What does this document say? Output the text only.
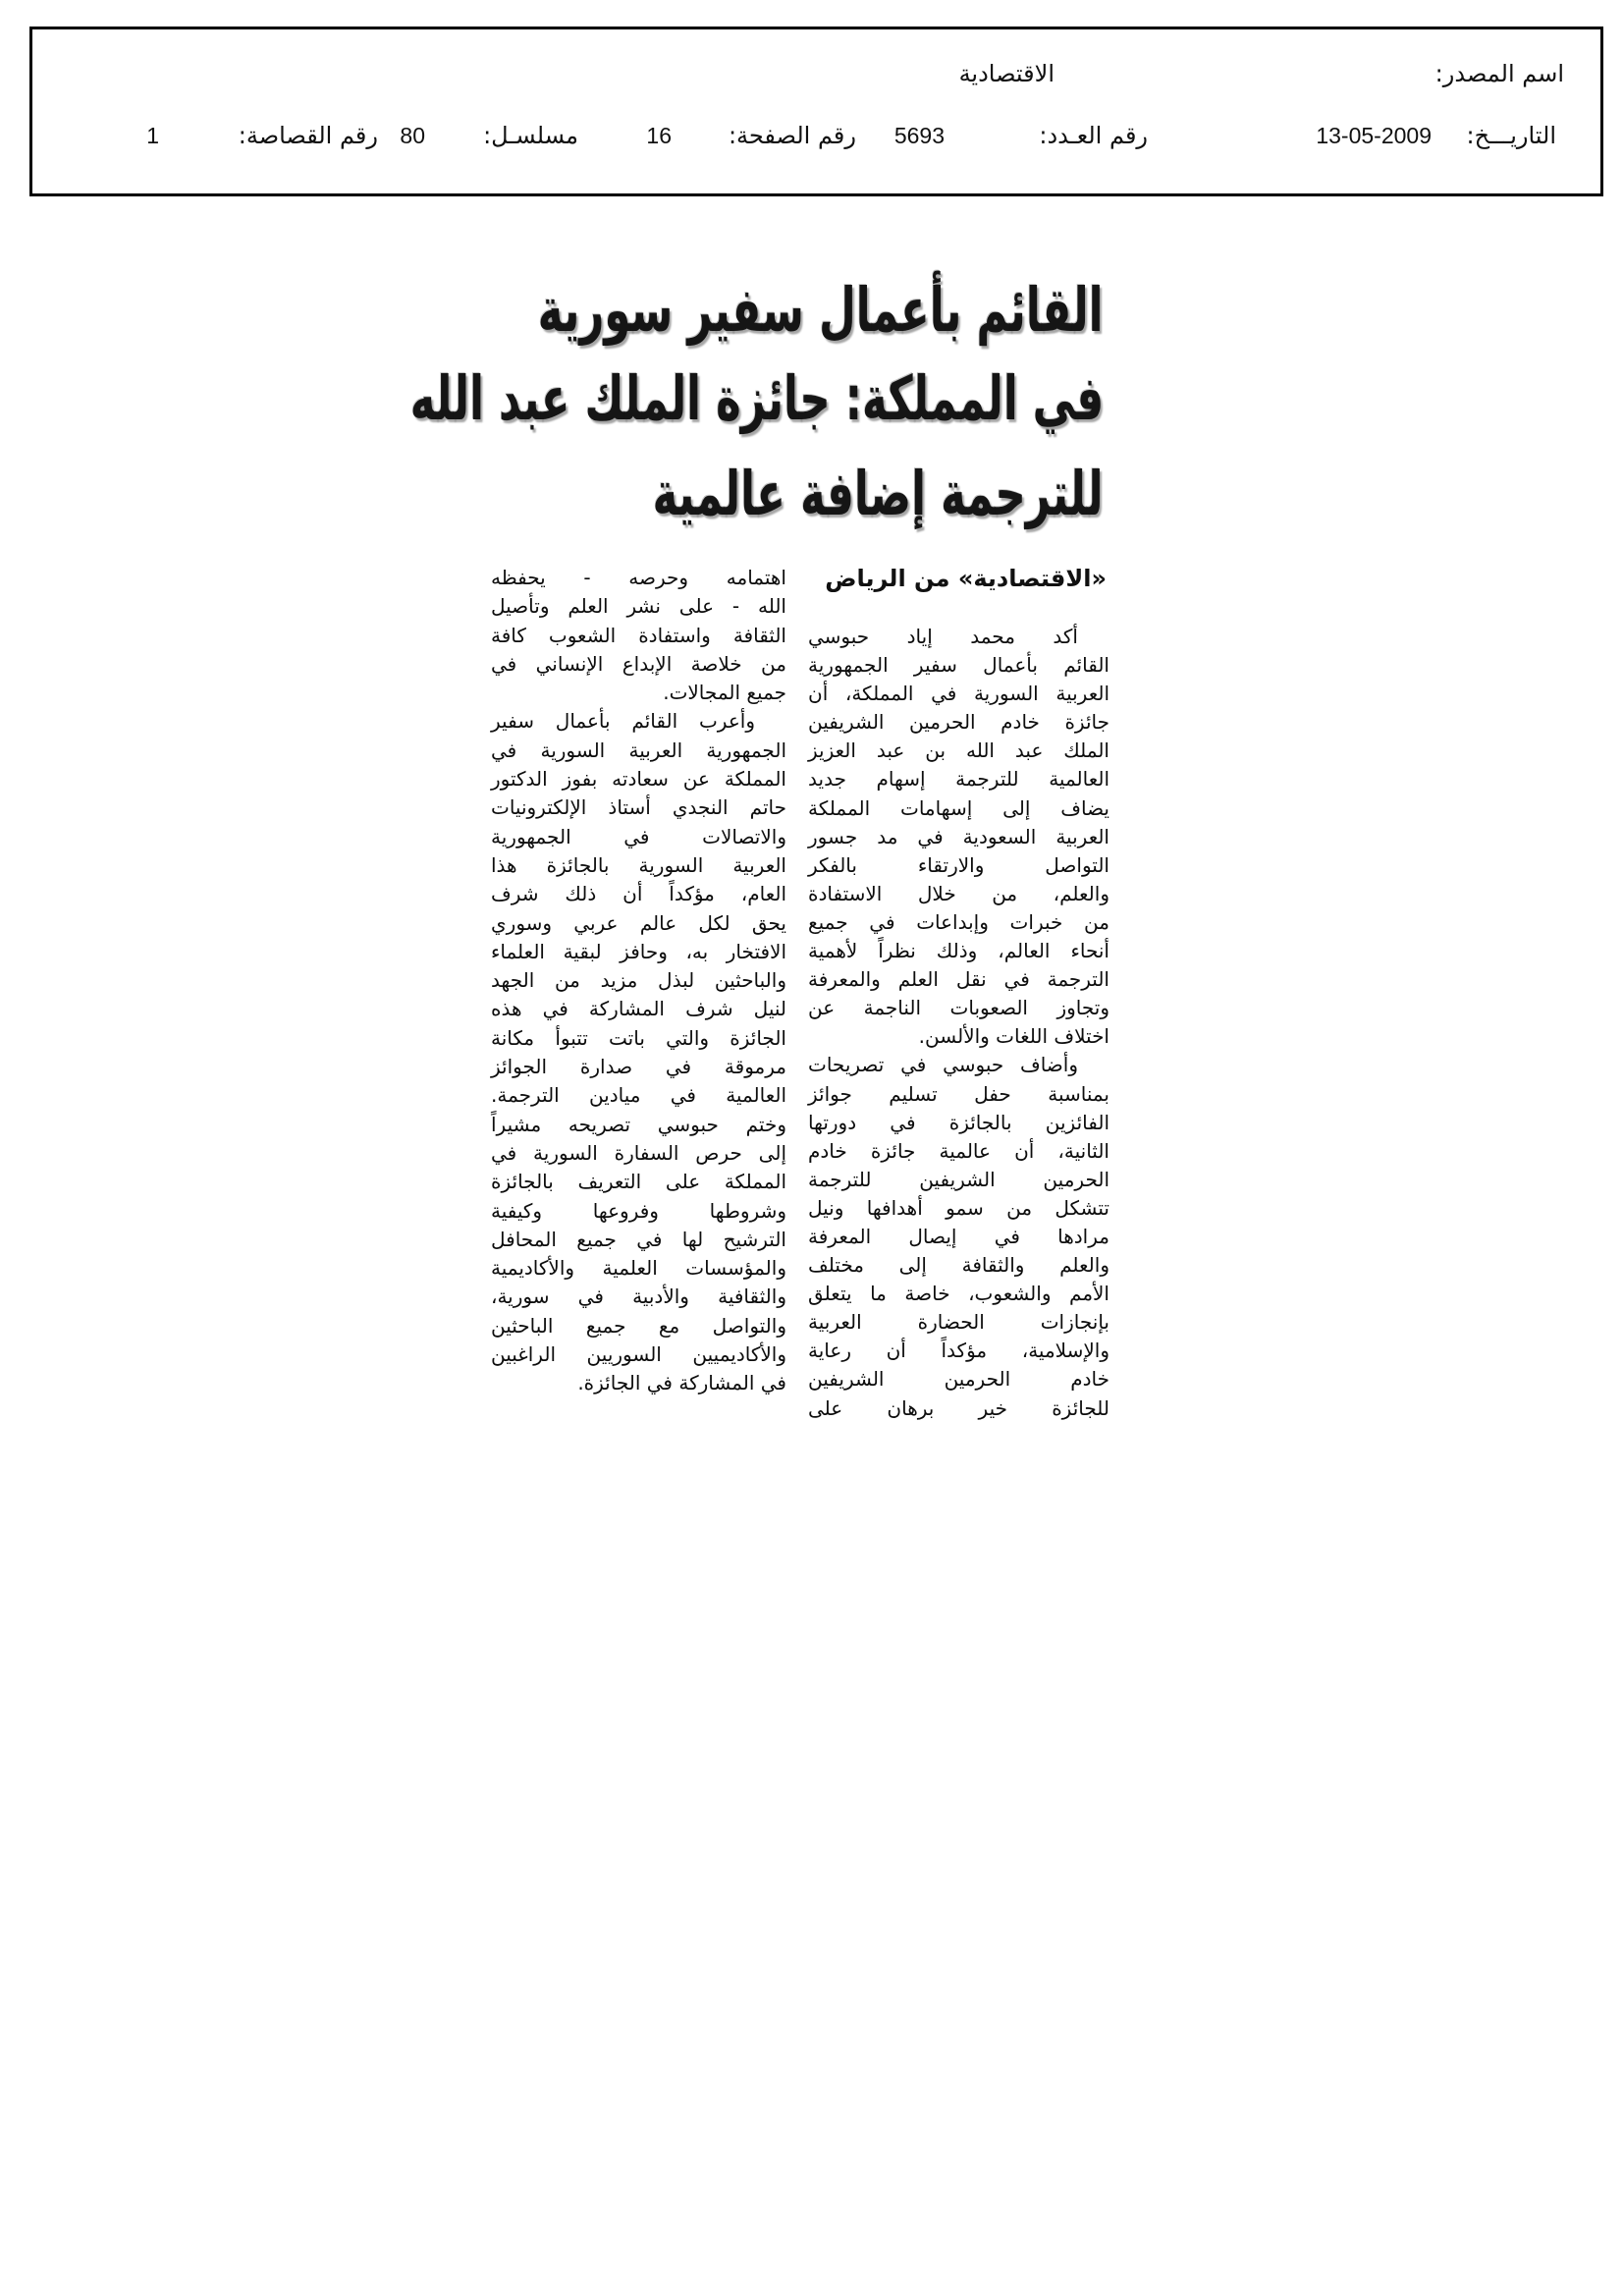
اسم المصدر:
الاقتصادية
التاريـــخ:
13-05-2009
رقم العـدد:
5693
رقم الصفحة:
16
مسلسـل:
80
رقم القصاصة:
1
القائم بأعمال سفير سورية
في المملكة: جائزة الملك عبد الله
للترجمة إضافة عالمية
«الاقتصادية» من الرياض
أكد محمد إياد حبوسي
القائم بأعمال سفير الجمهورية
العربية السورية في المملكة، أن
جائزة خادم الحرمين الشريفين
الملك عبد الله بن عبد العزيز
العالمية للترجمة إسهام جديد
يضاف إلى إسهامات المملكة
العربية السعودية في مد جسور
التواصل والارتقاء بالفكر
والعلم، من خلال الاستفادة
من خبرات وإبداعات في جميع
أنحاء العالم، وذلك نظراً لأهمية
الترجمة في نقل العلم والمعرفة
وتجاوز الصعوبات الناجمة عن
اختلاف اللغات والألسن.
وأضاف حبوسي في تصريحات
بمناسبة حفل تسليم جوائز
الفائزين بالجائزة في دورتها
الثانية، أن عالمية جائزة خادم
الحرمين الشريفين للترجمة
تتشكل من سمو أهدافها ونيل
مرادها في إيصال المعرفة
والعلم والثقافة إلى مختلف
الأمم والشعوب، خاصة ما يتعلق
بإنجازات الحضارة العربية
والإسلامية، مؤكداً أن رعاية
خادم الحرمين الشريفين
للجائزة خير برهان على
اهتمامه وحرصه - يحفظه
الله - على نشر العلم وتأصيل
الثقافة واستفادة الشعوب كافة
من خلاصة الإبداع الإنساني في
جميع المجالات.
وأعرب القائم بأعمال سفير
الجمهورية العربية السورية في
المملكة عن سعادته بفوز الدكتور
حاتم النجدي أستاذ الإلكترونيات
والاتصالات في الجمهورية
العربية السورية بالجائزة هذا
العام، مؤكداً أن ذلك شرف
يحق لكل عالم عربي وسوري
الافتخار به، وحافز لبقية العلماء
والباحثين لبذل مزيد من الجهد
لنيل شرف المشاركة في هذه
الجائزة والتي باتت تتبوأ مكانة
مرموقة في صدارة الجوائز
العالمية في ميادين الترجمة.
وختم حبوسي تصريحه مشيراً
إلى حرص السفارة السورية في
المملكة على التعريف بالجائزة
وشروطها وفروعها وكيفية
الترشيح لها في جميع المحافل
والمؤسسات العلمية والأكاديمية
والثقافية والأدبية في سورية،
والتواصل مع جميع الباحثين
والأكاديميين السوريين الراغبين
في المشاركة في الجائزة.
